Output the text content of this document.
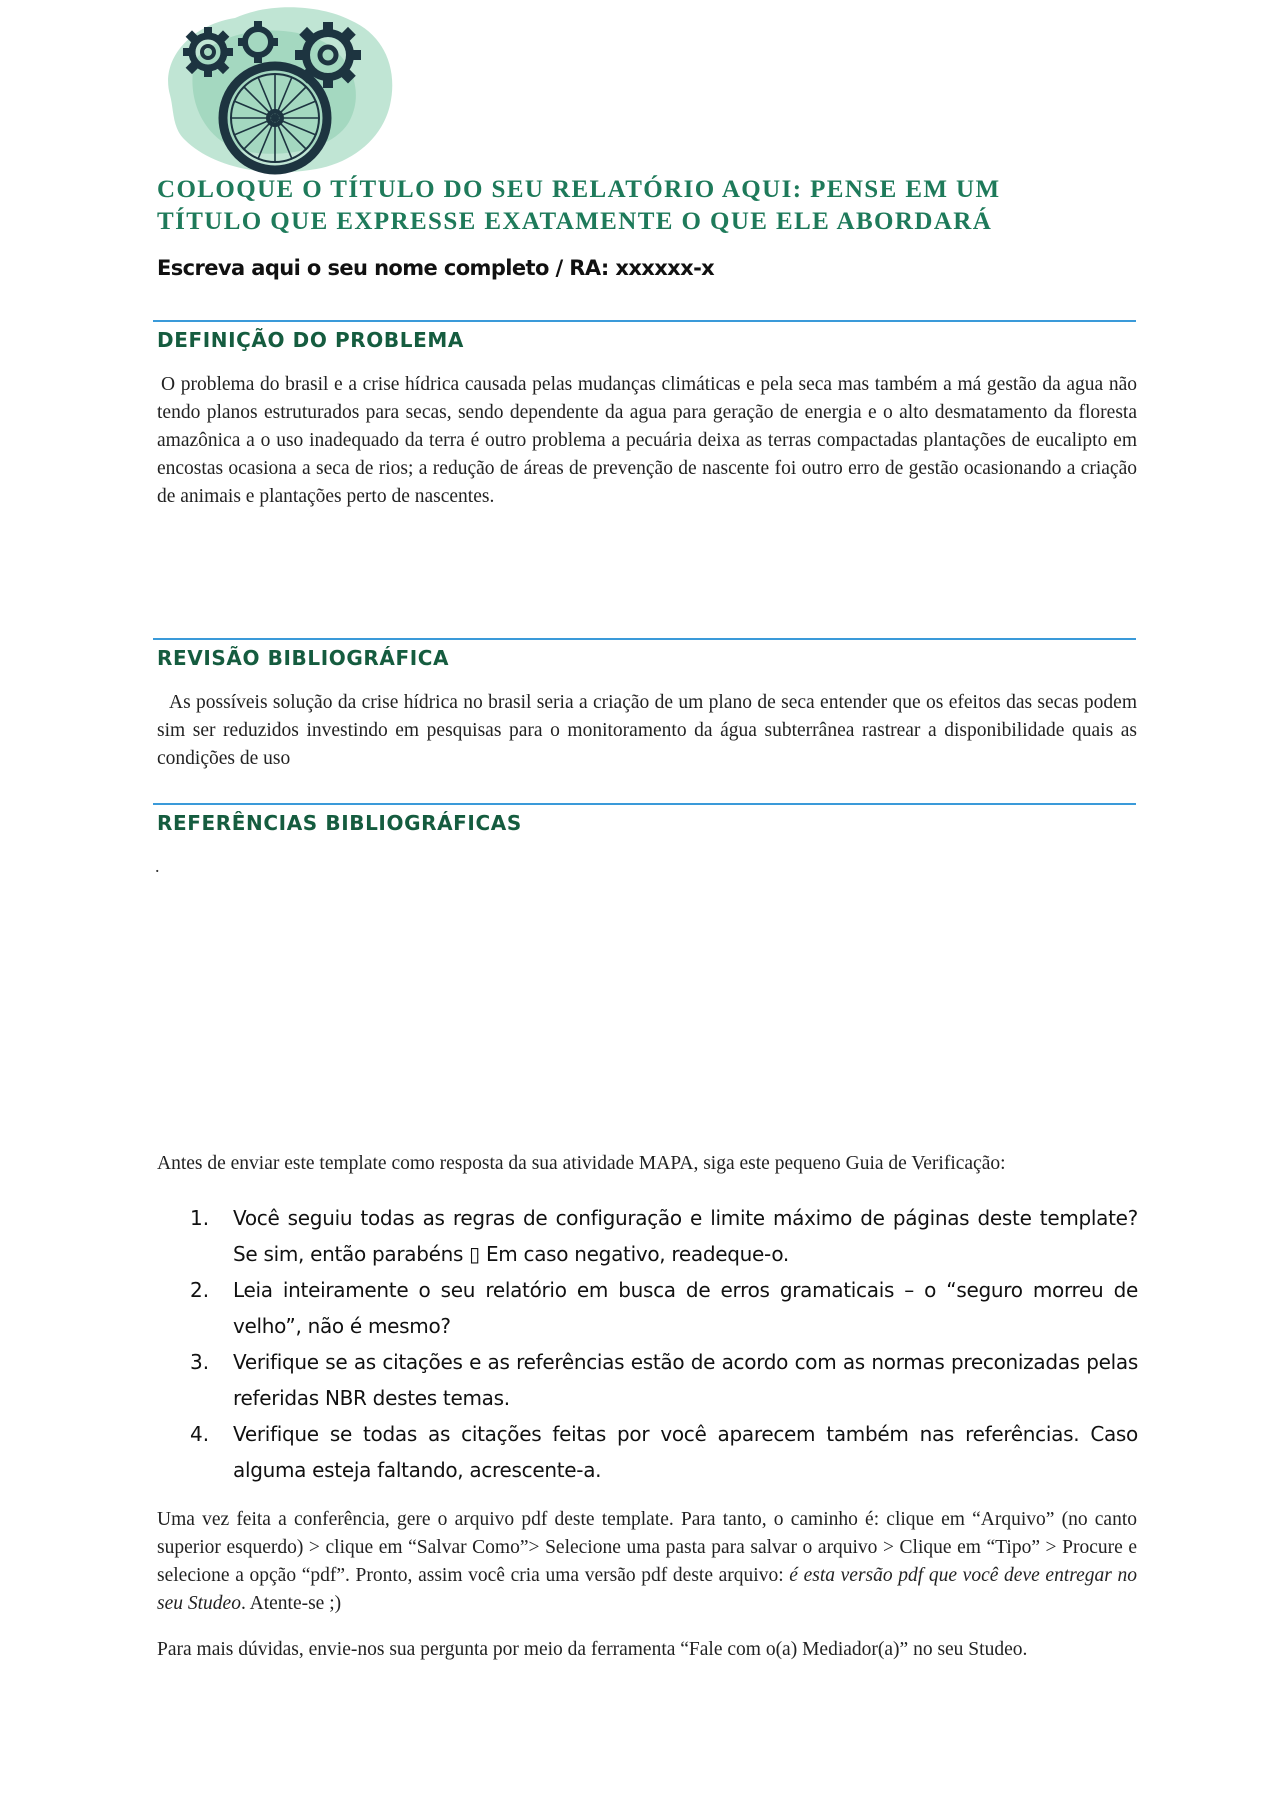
COLOQUE O TÍTULO DO SEU RELATÓRIO AQUI: PENSE EM UM
TÍTULO QUE EXPRESSE EXATAMENTE O QUE ELE ABORDARÁ

Escreva aqui o seu nome completo / RA: xxxxxx-x

DEFINIÇÃO DO PROBLEMA

O problema do brasil e a crise hídrica causada pelas mudanças climáticas e pela seca mas também a má gestão da agua não tendo planos estruturados para secas, sendo dependente da agua para geração de energia e o alto desmatamento da floresta amazônica a o uso inadequado da terra é outro problema a pecuária deixa as terras compactadas plantações de eucalipto em encostas ocasiona a seca de rios; a redução de áreas de prevenção de nascente foi outro erro de gestão ocasionando a criação de animais e plantações perto de nascentes.

REVISÃO BIBLIOGRÁFICA

As possíveis solução da crise hídrica no brasil seria a criação de um plano de seca entender que os efeitos das secas podem sim ser reduzidos investindo em pesquisas para o monitoramento da água subterrânea rastrear a disponibilidade quais as condições de uso

REFERÊNCIAS BIBLIOGRÁFICAS
.

Antes de enviar este template como resposta da sua atividade MAPA, siga este pequeno Guia de Verificação:

1. Você seguiu todas as regras de configuração e limite máximo de páginas deste template? Se sim, então parabéns ▯ Em caso negativo, readeque-o.
2. Leia inteiramente o seu relatório em busca de erros gramaticais – o “seguro morreu de velho”, não é mesmo?
3. Verifique se as citações e as referências estão de acordo com as normas preconizadas pelas referidas NBR destes temas.
4. Verifique se todas as citações feitas por você aparecem também nas referências. Caso alguma esteja faltando, acrescente-a.

Uma vez feita a conferência, gere o arquivo pdf deste template. Para tanto, o caminho é: clique em “Arquivo” (no canto superior esquerdo) > clique em “Salvar Como”> Selecione uma pasta para salvar o arquivo > Clique em “Tipo” > Procure e selecione a opção “pdf”. Pronto, assim você cria uma versão pdf deste arquivo: é esta versão pdf que você deve entregar no seu Studeo. Atente-se ;)

Para mais dúvidas, envie-nos sua pergunta por meio da ferramenta “Fale com o(a) Mediador(a)” no seu Studeo.
